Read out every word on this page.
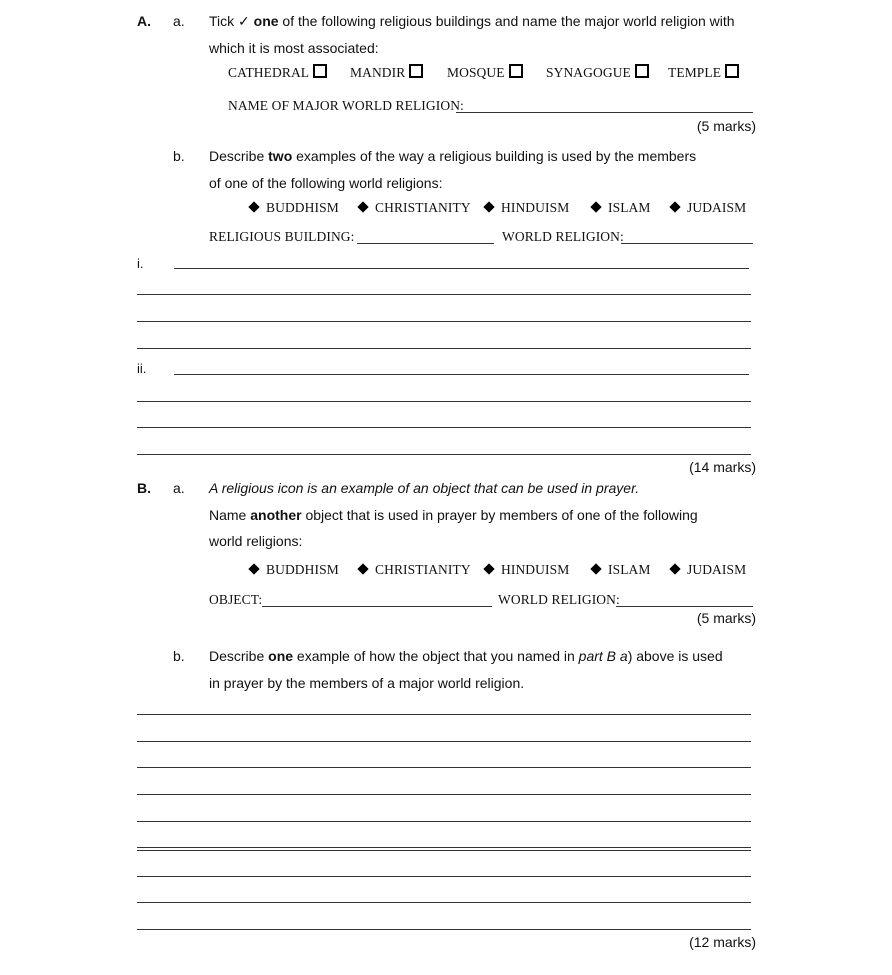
A. a. Tick ✓ one of the following religious buildings and name the major world religion with
which it is most associated:
CATHEDRAL	MANDIR	MOSQUE	SYNAGOGUE	TEMPLE
NAME OF MAJOR WORLD RELIGION:
(5 marks)
b. Describe two examples of the way a religious building is used by the members
of one of the following world religions:
BUDDHISM	CHRISTIANITY	HINDUISM	ISLAM	JUDAISM
RELIGIOUS BUILDING:	WORLD RELIGION:
i.
ii.
(14 marks)
B. a. A religious icon is an example of an object that can be used in prayer.
Name another object that is used in prayer by members of one of the following
world religions:
BUDDHISM	CHRISTIANITY	HINDUISM	ISLAM	JUDAISM
OBJECT:	WORLD RELIGION:
(5 marks)
b. Describe one example of how the object that you named in part B a) above is used
in prayer by the members of a major world religion.
(12 marks)
